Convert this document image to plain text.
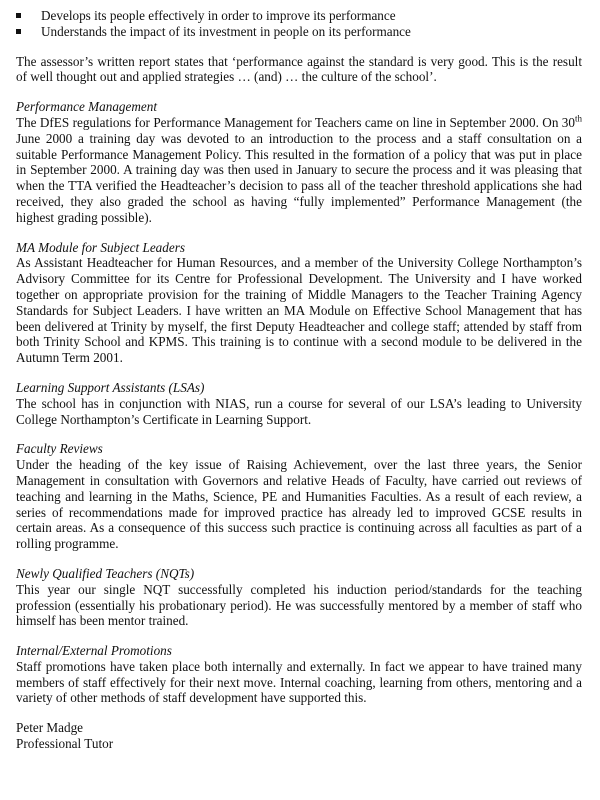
Develops its people effectively in order to improve its performance
Understands the impact of its investment in people on its performance

The assessor’s written report states that ‘performance against the standard is very good. This is the result of well thought out and applied strategies … (and) … the culture of the school’.

Performance Management

The DfES regulations for Performance Management for Teachers came on line in September 2000. On 30th June 2000 a training day was devoted to an introduction to the process and a staff consultation on a suitable Performance Management Policy. This resulted in the formation of a policy that was put in place in September 2000. A training day was then used in January to secure the process and it was pleasing that when the TTA verified the Headteacher’s decision to pass all of the teacher threshold applications she had received, they also graded the school as having “fully implemented” Performance Management (the highest grading possible).

MA Module for Subject Leaders

As Assistant Headteacher for Human Resources, and a member of the University College Northampton’s Advisory Committee for its Centre for Professional Development. The University and I have worked together on appropriate provision for the training of Middle Managers to the Teacher Training Agency Standards for Subject Leaders. I have written an MA Module on Effective School Management that has been delivered at Trinity by myself, the first Deputy Headteacher and college staff; attended by staff from both Trinity School and KPMS. This training is to continue with a second module to be delivered in the Autumn Term 2001.

Learning Support Assistants (LSAs)

The school has in conjunction with NIAS, run a course for several of our LSA’s leading to University College Northampton’s Certificate in Learning Support.

Faculty Reviews

Under the heading of the key issue of Raising Achievement, over the last three years, the Senior Management in consultation with Governors and relative Heads of Faculty, have carried out reviews of teaching and learning in the Maths, Science, PE and Humanities Faculties. As a result of each review, a series of recommendations made for improved practice has already led to improved GCSE results in certain areas. As a consequence of this success such practice is continuing across all faculties as part of a rolling programme.

Newly Qualified Teachers (NQTs)

This year our single NQT successfully completed his induction period/standards for the teaching profession (essentially his probationary period). He was successfully mentored by a member of staff who himself has been mentor trained.

Internal/External Promotions

Staff promotions have taken place both internally and externally. In fact we appear to have trained many members of staff effectively for their next move. Internal coaching, learning from others, mentoring and a variety of other methods of staff development have supported this.

Peter Madge
Professional Tutor
